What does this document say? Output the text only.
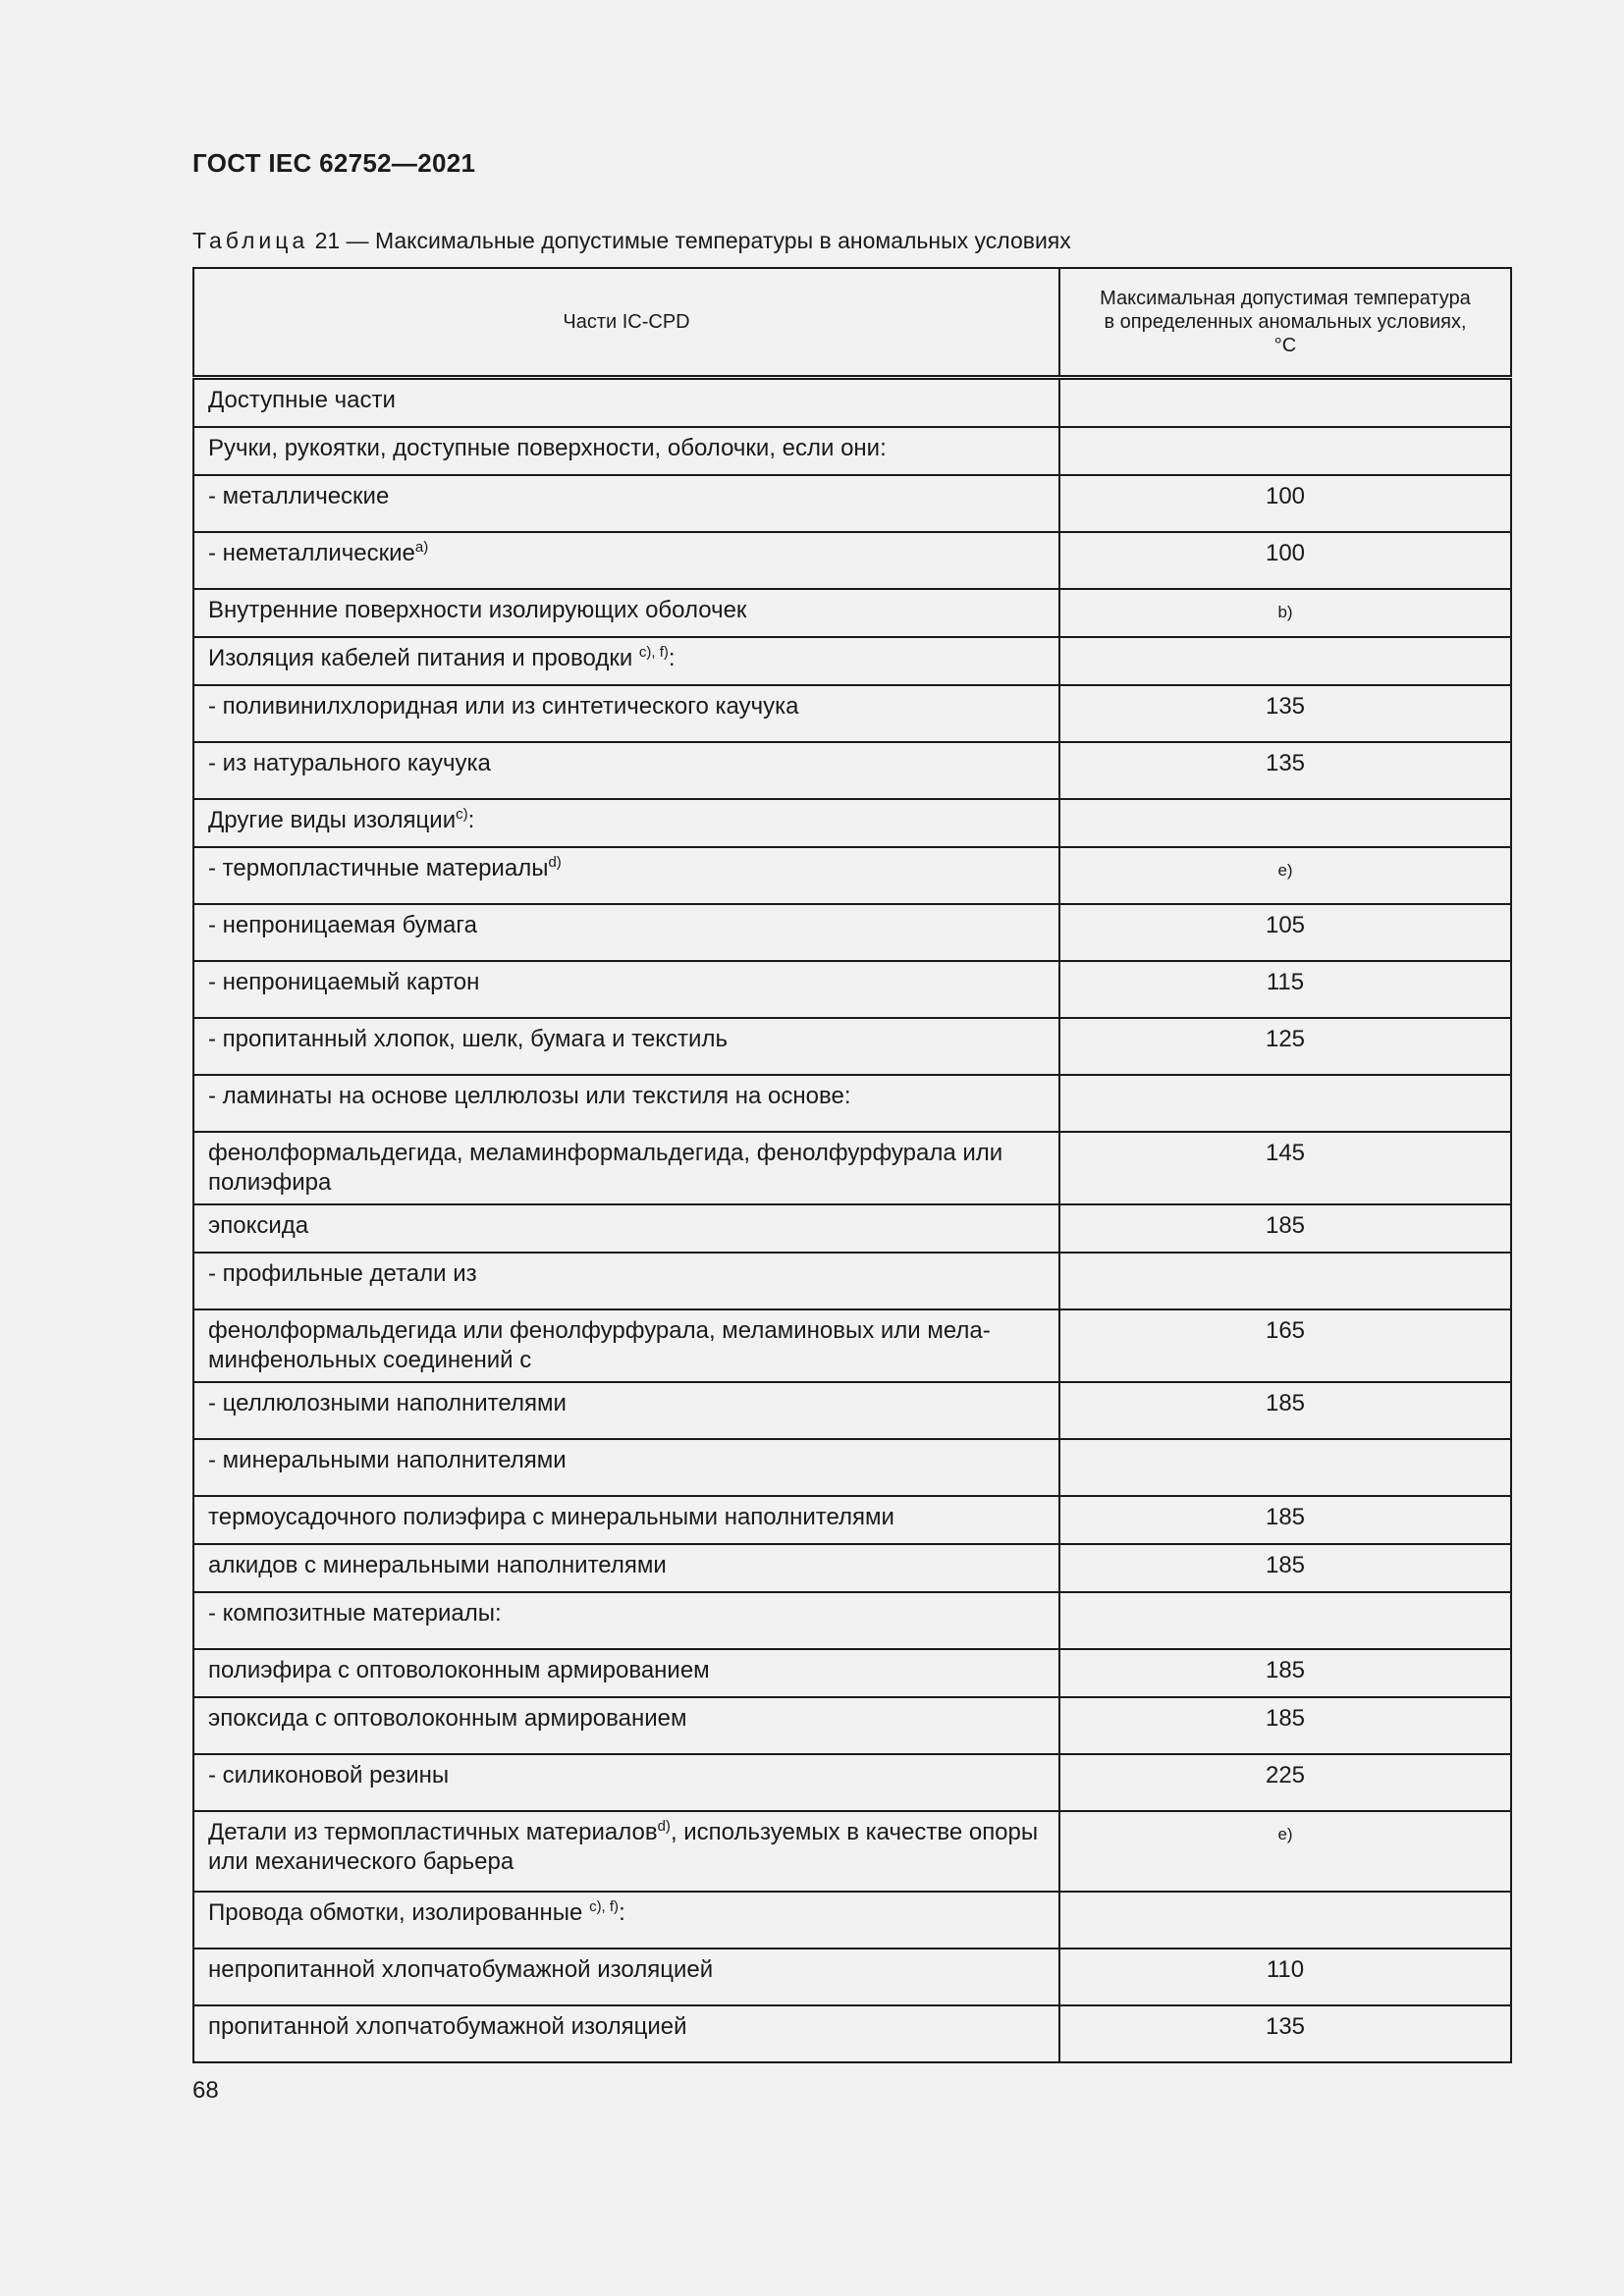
ГОСТ IEC 62752—2021
Таблица 21 — Максимальные допустимые температуры в аномальных условиях
Части IC-CPD	Максимальная допустимая температура
в определенных аномальных условиях,
°С
Доступные части	
Ручки, рукоятки, доступные поверхности, оболочки, если они:	
- металлические	100
- неметаллические$^{a)}$	100
Внутренние поверхности изолирующих оболочек	b)
Изоляция кабелей питания и проводки $^{c), f)}$:	
- поливинилхлоридная или из синтетического каучука	135
- из натурального каучука	135
Другие виды изоляции$^{c)}$:	
- термопластичные материалы$^{d)}$	e)
- непроницаемая бумага	105
- непроницаемый картон	115
- пропитанный хлопок, шелк, бумага и текстиль	125
- ламинаты на основе целлюлозы или текстиля на основе:	
фенолформальдегида, меламинформальдегида, фенолфурфурала или полиэфира	145
эпоксида	185
- профильные детали из	
фенолформальдегида или фенолфурфурала, меламиновых или мела-минфенольных соединений с	165
- целлюлозными наполнителями	185
- минеральными наполнителями	
термоусадочного полиэфира с минеральными наполнителями	185
алкидов с минеральными наполнителями	185
- композитные материалы:	
полиэфира с оптоволоконным армированием	185
эпоксида с оптоволоконным армированием	185
- силиконовой резины	225
Детали из термопластичных материалов$^{d)}$, используемых в качестве опоры или механического барьера	e)
Провода обмотки, изолированные $^{c), f)}$:	
непропитанной хлопчатобумажной изоляцией	110
пропитанной хлопчатобумажной изоляцией	135
68
